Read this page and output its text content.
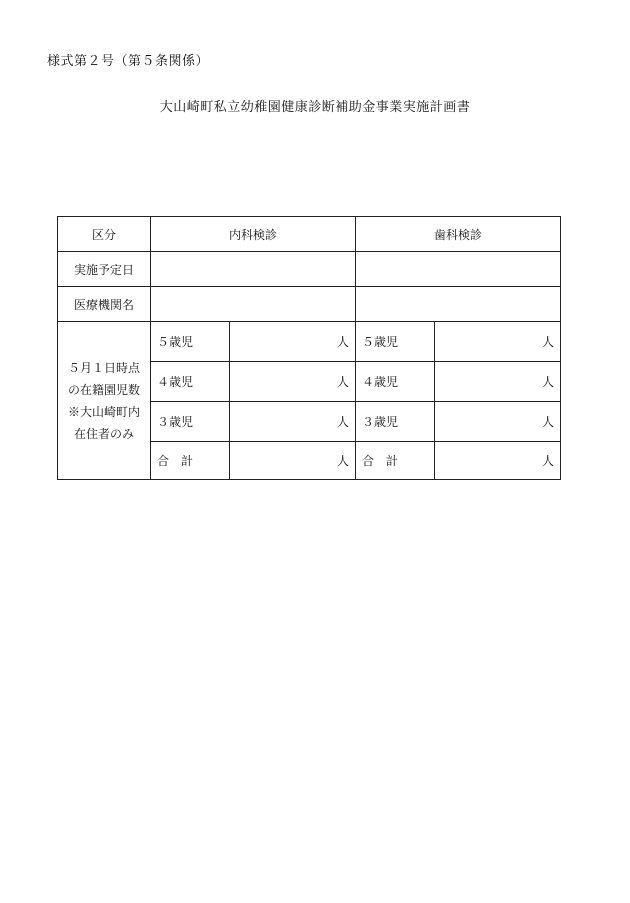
様式第２号（第５条関係）
大山崎町私立幼稚園健康診断補助金事業実施計画書
区分	内科検診		歯科検診	
実施予定日				
医療機関名				

５月１日時点
の在籍園児数
※大山崎町内
在住者のみ	５歳児	人	５歳児	人
	４歳児	人	４歳児	人
	３歳児	人	３歳児	人
	合　計	人	合　計	人
